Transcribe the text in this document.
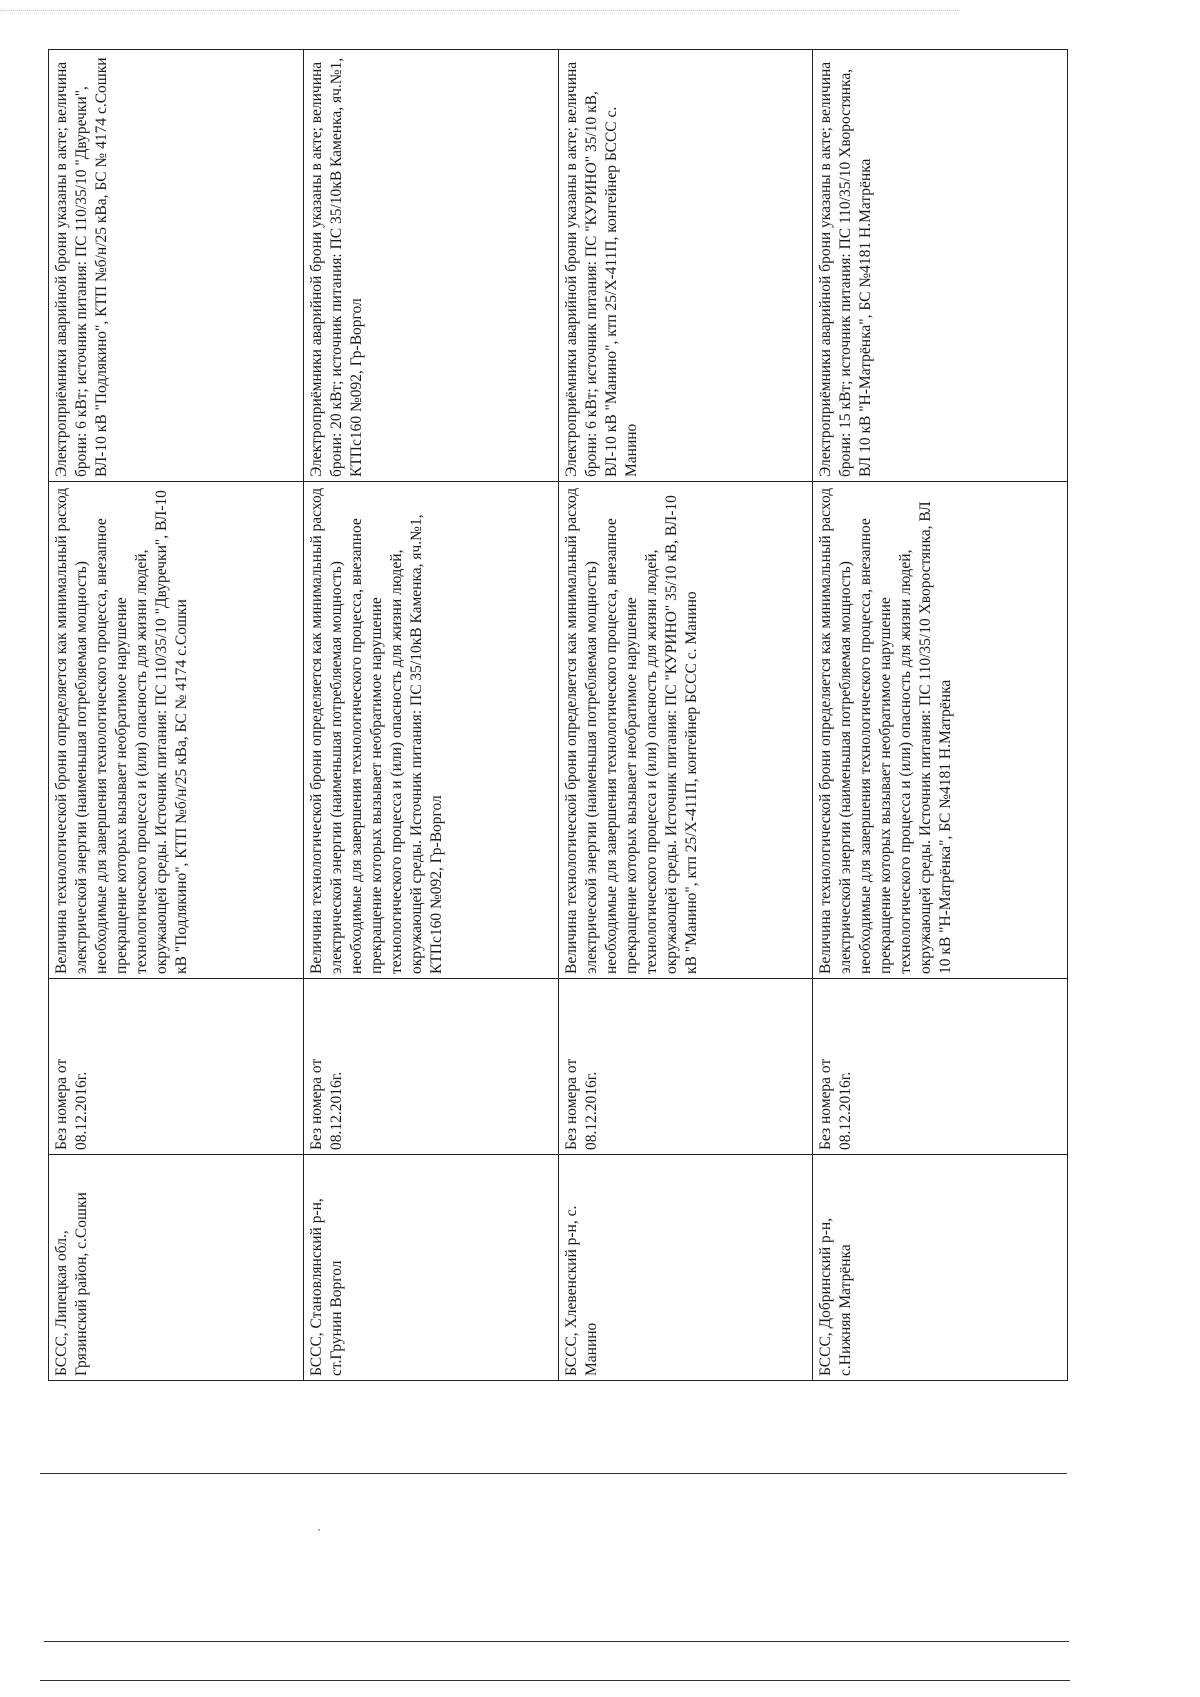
БССС, Липецкая обл., Грязинский район, с.Сошки	Без номера от 08.12.2016г.	Величина технологической брони определяется как минимальный расход электрической энергии (наименьшая потребляемая мощность) необходимые для завершения технологического процесса, внезапное прекращение которых вызывает необратимое нарушение технологического процесса и (или) опасность для жизни людей, окружающей среды. Источник питания: ПС 110/35/10 "Двуречки", ВЛ-10 кВ "Подлякино", КТП №б/н/25 кВа, БС № 4174 с.Сошки	Электроприёмники аварийной брони указаны в акте; величина брони: 6 кВт; источник питания: ПС 110/35/10 "Двуречки", ВЛ-10 кВ "Подлякино", КТП №б/н/25 кВа, БС № 4174 с.Сошки
БССС, Становлянский р-н, ст.Грунин Воргол	Без номера от 08.12.2016г.	Величина технологической брони определяется как минимальный расход электрической энергии (наименьшая потребляемая мощность) необходимые для завершения технологического процесса, внезапное прекращение которых вызывает необратимое нарушение технологического процесса и (или) опасность для жизни людей, окружающей среды. Источник питания: ПС 35/10кВ Каменка, яч.№1, КТПс160 №092, Гр-Воргол	Электроприёмники аварийной брони указаны в акте; величина брони: 20 кВт; источник питания: ПС 35/10кВ Каменка, яч.№1, КТПс160 №092, Гр-Воргол
БССС, Хлевенский р-н, с. Манино	Без номера от 08.12.2016г.	Величина технологической брони определяется как минимальный расход электрической энергии (наименьшая потребляемая мощность) необходимые для завершения технологического процесса, внезапное прекращение которых вызывает необратимое нарушение технологического процесса и (или) опасность для жизни людей, окружающей среды. Источник питания: ПС "КУРИНО" 35/10 кВ, ВЛ-10 кВ "Манино", ктп 25/Х-411П, контейнер БССС с. Манино	Электроприёмники аварийной брони указаны в акте; величина брони: 6 кВт; источник питания: ПС "КУРИНО" 35/10 кВ, ВЛ-10 кВ "Манино", ктп 25/Х-411П, контейнер БССС с. Манино
БССС, Добринский р-н, с.Нижняя Матрёнка	Без номера от 08.12.2016г.	Величина технологической брони определяется как минимальный расход электрической энергии (наименьшая потребляемая мощность) необходимые для завершения технологического процесса, внезапное прекращение которых вызывает необратимое нарушение технологического процесса и (или) опасность для жизни людей, окружающей среды. Источник питания: ПС 110/35/10 Хворостянка, ВЛ 10 кВ "Н-Матрёнка", БС №4181 Н.Матрёнка	Электроприёмники аварийной брони указаны в акте; величина брони: 15 кВт; источник питания: ПС 110/35/10 Хворостянка, ВЛ 10 кВ "Н-Матрёнка", БС №4181 Н.Матрёнка
